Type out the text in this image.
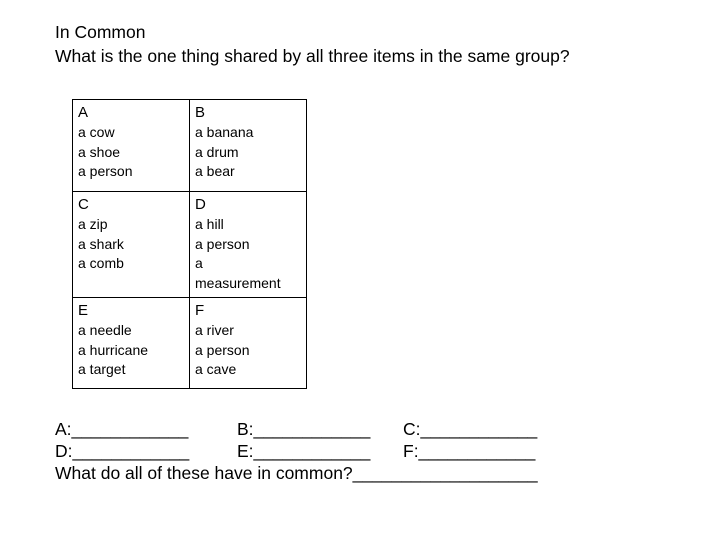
In Common
What is the one thing shared by all three items in the same group?
A
a cow
a shoe
a person	B
a banana
a drum
a bear

C
a zip
a shark
a comb	D
a hill
a person
a
measurement

E
a needle
a hurricane
a target	F
a river
a person
a cave
A:____________	B:____________ C:____________
D:____________	E:____________ F:____________
What do all of these have in common?___________________
